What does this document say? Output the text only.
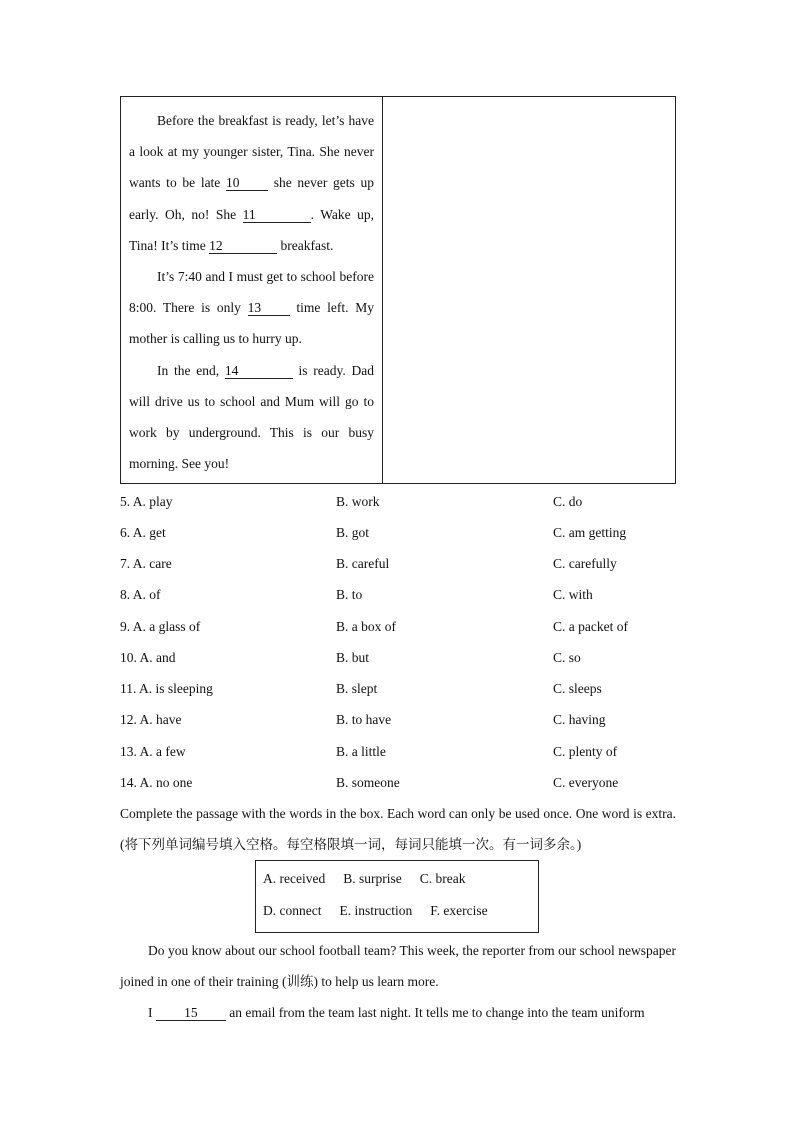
Before the breakfast is ready, let’s have a look at my younger sister, Tina. She never wants to be late 10 she never gets up early. Oh, no! She 11	. Wake up, Tina! It’s time 12	breakfast.

It’s 7:40 and I must get to school before 8:00. There is only 13 time left. My mother is calling us to hurry up.

In the end, 14	is ready. Dad will drive us to school and Mum will go to work by underground. This is our busy morning. See you!

5. A. play	B. work	C. do
6. A. get	B. got	C. am getting
7. A. care	B. careful	C. carefully
8. A. of	B. to	C. with
9. A. a glass of	B. a box of	C. a packet of
10. A. and	B. but	C. so
11. A. is sleeping	B. slept	C. sleeps
12. A. have	B. to have	C. having
13. A. a few	B. a little	C. plenty of
14. A. no one	B. someone	C. everyone
Complete the passage with the words in the box. Each word can only be used once. One word is extra. (将下列单词编号填入空格。每空格限填一词，每词只能填一次。有一词多余。)
A. received B. surprise C. break
D. connect E. instruction F. exercise
Do you know about our school football team? This week, the reporter from our school newspaper joined in one of their training (训练) to help us learn more.
I 15 an email from the team last night. It tells me to change into the team uniform
